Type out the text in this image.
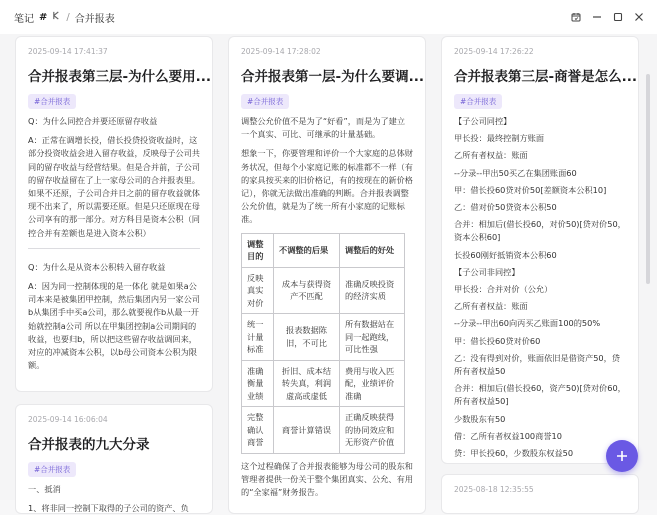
笔记 # / 合并报表
2025-09-14 17:41:37
合并报表第三层-为什么要用...
#合并报表
Q：为什么同控合并要还原留存收益
A：正常在调增长投，借长投贷投资收益时，这部分投资收益会进入留存收益，反映母子公司共同的留存收益与经营结果。但是合并前，子公司的留存收益留在了上一家母公司的合并报表里。如果不还原，子公司合并日之前的留存收益就体现不出来了，所以需要还原。但是只还原现在母公司享有的那一部分。对方科目是资本公积（同控合并有差额也是进入资本公积）
Q：为什么是从资本公积转入留存收益
A：因为同一控制体现的是一体化 就是如果a公司本来是被集团甲控制，然后集团内另一家公司b从集团手中买a公司，那么就要视作b从最一开始就控制a公司 所以在甲集团控制a公司期间的收益，也要归b，所以把这些留存收益调回来，对应的冲减资本公积，以b母公司资本公积为限额。
2025-09-14 16:06:04
合并报表的九大分录
#合并报表
一、抵消
1、将非同一控制下取得的子公司的资产、负
2025-09-14 17:28:02
合并报表第一层-为什么要调...
#合并报表
调整公允价值不是为了“好看”，而是为了建立一个真实、可比、可继承的计量基础。
想象一下，你要管理和评价一个大家庭的总体财务状况，但每个小家庭记账的标准都不一样（有的家具按买来的旧价格记，有的按现在的新价格记），你就无法做出准确的判断。合并报表调整公允价值，就是为了统一所有小家庭的记账标准。
调整目的	不调整的后果	调整后的好处
反映真实对价	成本与获得资产不匹配	准确反映投资的经济实质
统一计量标准	报表数据陈旧，不可比	所有数据站在同一起跑线，可比性强
准确衡量业绩	折旧、成本结转失真，利润虚高或虚低	费用与收入匹配，业绩评价准确
完整确认商誉	商誉计算错误	正确反映获得的协同效应和无形资产价值
这个过程确保了合并报表能够为母公司的股东和管理者提供一份关于整个集团真实、公允、有用的“全家福”财务报告。
2025-09-14 17:26:22
合并报表第三层-商誉是怎么...
#合并报表
【子公司同控】
甲长投：最终控制方账面
乙所有者权益：账面
--分录--甲出50买乙在集团账面60
甲：借长投60贷对价50[差额资本公积10]
乙：借对价50贷资本公积50
合并：相加后(借长投60，对价50)[贷对价50，资本公积60]
长投60刚好抵销资本公积60
【子公司非同控】
甲长投：合并对价（公允）
乙所有者权益：账面
--分录--甲出60向丙买乙账面100的50%
甲：借长投60贷对价60
乙：没有得到对价，账面依旧是借资产50，贷所有者权益50
合并：相加后(借长投60，资产50)[贷对价60，所有者权益50]
少数股东有50
借：乙所有者权益100商誉10
贷：甲长投60，少数股东权益50
2025-08-18 12:35:55
